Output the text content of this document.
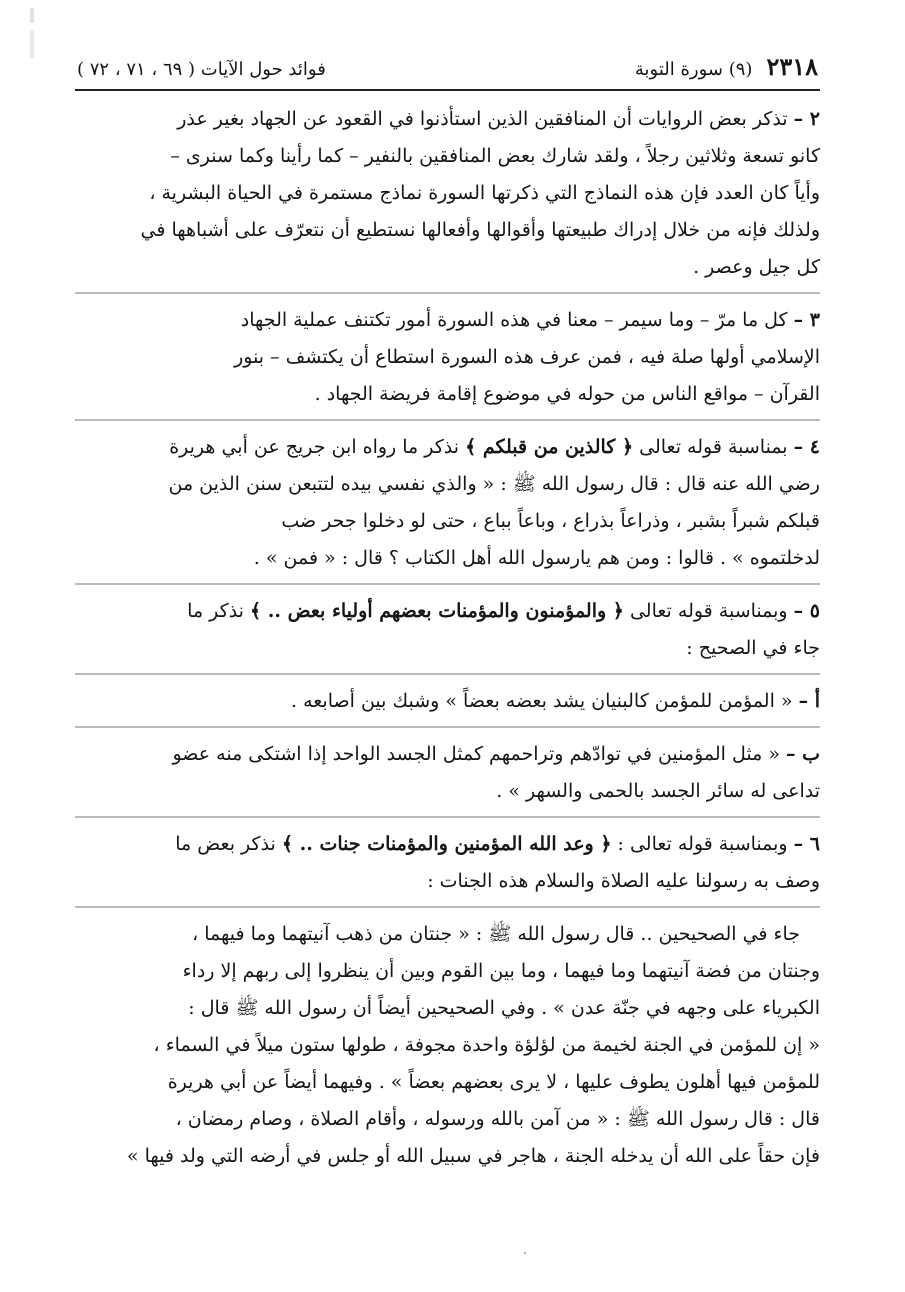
٢٣١٨
(٩) سورة التوبة
فوائد حول الآيات ( ٦٩ ، ٧١ ، ٧٢ )
٢ – تذكر بعض الروايات أن المنافقين الذين استأذنوا في القعود عن الجهاد بغير عذر
كانو تسعة وثلاثين رجلاً ، ولقد شارك بعض المنافقين بالنفير – كما رأينا وكما سنرى –
وأياً كان العدد فإن هذه النماذج التي ذكرتها السورة نماذج مستمرة في الحياة البشرية ،
ولذلك فإنه من خلال إدراك طبيعتها وأقوالها وأفعالها نستطيع أن نتعرّف على أشباهها في
كل جيل وعصر .
٣ – كل ما مرّ – وما سيمر – معنا في هذه السورة أمور تكتنف عملية الجهاد
الإسلامي أولها صلة فيه ، فمن عرف هذه السورة استطاع أن يكتشف – بنور
القرآن – مواقع الناس من حوله في موضوع إقامة فريضة الجهاد .
٤ – بمناسبة قوله تعالى ﴿ كالذين من قبلكم ﴾ نذكر ما رواه ابن جريج عن أبي هريرة
رضي الله عنه قال : قال رسول الله ﷺ : « والذي نفسي بيده لتتبعن سنن الذين من
قبلكم شبراً بشبر ، وذراعاً بذراع ، وباعاً بباع ، حتى لو دخلوا جحر ضب
لدخلتموه » . قالوا : ومن هم يارسول الله أهل الكتاب ؟ قال : « فمن » .
٥ – وبمناسبة قوله تعالى ﴿ والمؤمنون والمؤمنات بعضهم أولياء بعض .. ﴾ نذكر ما
جاء في الصحيح :
أ – « المؤمن للمؤمن كالبنيان يشد بعضه بعضاً » وشبك بين أصابعه .
ب – « مثل المؤمنين في توادّهم وتراحمهم كمثل الجسد الواحد إذا اشتكى منه عضو
تداعى له سائر الجسد بالحمى والسهر » .
٦ – وبمناسبة قوله تعالى : ﴿ وعد الله المؤمنين والمؤمنات جنات .. ﴾ نذكر بعض ما
وصف به رسولنا عليه الصلاة والسلام هذه الجنات :
جاء في الصحيحين .. قال رسول الله ﷺ : « جنتان من ذهب آنيتهما وما فيهما ،
وجنتان من فضة آنيتهما وما فيهما ، وما بين القوم وبين أن ينظروا إلى ربهم إلا رداء
الكبرياء على وجهه في جنّة عدن » . وفي الصحيحين أيضاً أن رسول الله ﷺ قال :
« إن للمؤمن في الجنة لخيمة من لؤلؤة واحدة مجوفة ، طولها ستون ميلاً في السماء ،
للمؤمن فيها أهلون يطوف عليها ، لا يرى بعضهم بعضاً » . وفيهما أيضاً عن أبي هريرة
قال : قال رسول الله ﷺ : « من آمن بالله ورسوله ، وأقام الصلاة ، وصام رمضان ،
فإن حقاً على الله أن يدخله الجنة ، هاجر في سبيل الله أو جلس في أرضه التي ولد فيها »
